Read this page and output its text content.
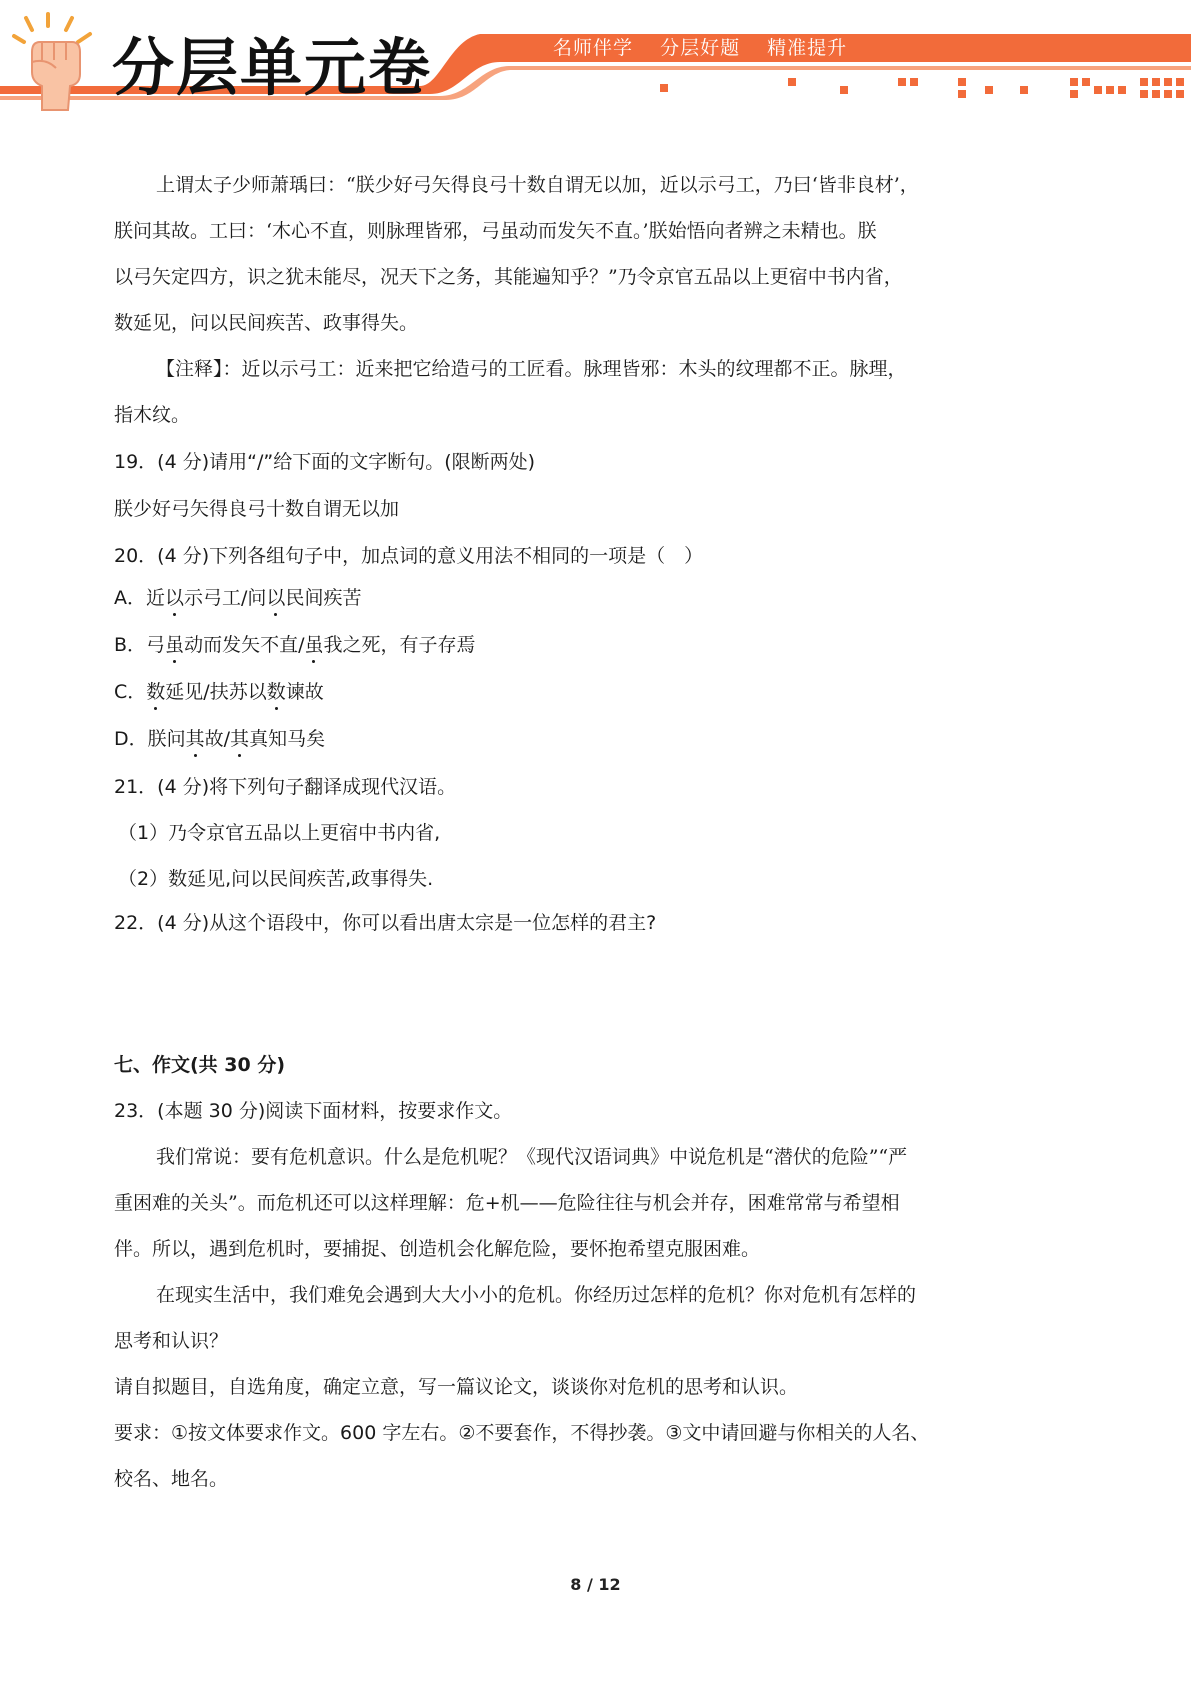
分层单元卷	名师伴学 分层好题 精准提升
上谓太子少师萧瑀曰：“朕少好弓矢得良弓十数自谓无以加，近以示弓工，乃曰‘皆非良材’，
朕问其故。工曰：‘木心不直，则脉理皆邪，弓虽动而发矢不直。’朕始悟向者辨之未精也。朕
以弓矢定四方，识之犹未能尽，况天下之务，其能遍知乎？”乃令京官五品以上更宿中书内省，
数延见，问以民间疾苦、政事得失。
【注释】：近以示弓工：近来把它给造弓的工匠看。脉理皆邪：木头的纹理都不正。脉理，
指木纹。
19．(4 分)请用“/”给下面的文字断句。(限断两处)
朕少好弓矢得良弓十数自谓无以加
20．(4 分)下列各组句子中，加点词的意义用法不相同的一项是（　）
A．近以示弓工/问以民间疾苦
B．弓虽动而发矢不直/虽我之死，有子存焉
C．数延见/扶苏以数谏故
D．朕问其故/其真知马矣
21．(4 分)将下列句子翻译成现代汉语。
（1）乃令京官五品以上更宿中书内省,
（2）数延见,问以民间疾苦,政事得失.
22．(4 分)从这个语段中，你可以看出唐太宗是一位怎样的君主?
七、作文(共 30 分)
23．(本题 30 分)阅读下面材料，按要求作文。
我们常说：要有危机意识。什么是危机呢？《现代汉语词典》中说危机是“潜伏的危险”“严
重困难的关头”。而危机还可以这样理解：危+机——危险往往与机会并存，困难常常与希望相
伴。所以，遇到危机时，要捕捉、创造机会化解危险，要怀抱希望克服困难。
在现实生活中，我们难免会遇到大大小小的危机。你经历过怎样的危机？你对危机有怎样的
思考和认识？
请自拟题目，自选角度，确定立意，写一篇议论文，谈谈你对危机的思考和认识。
要求：①按文体要求作文。600 字左右。②不要套作，不得抄袭。③文中请回避与你相关的人名、
校名、地名。
8 / 12
